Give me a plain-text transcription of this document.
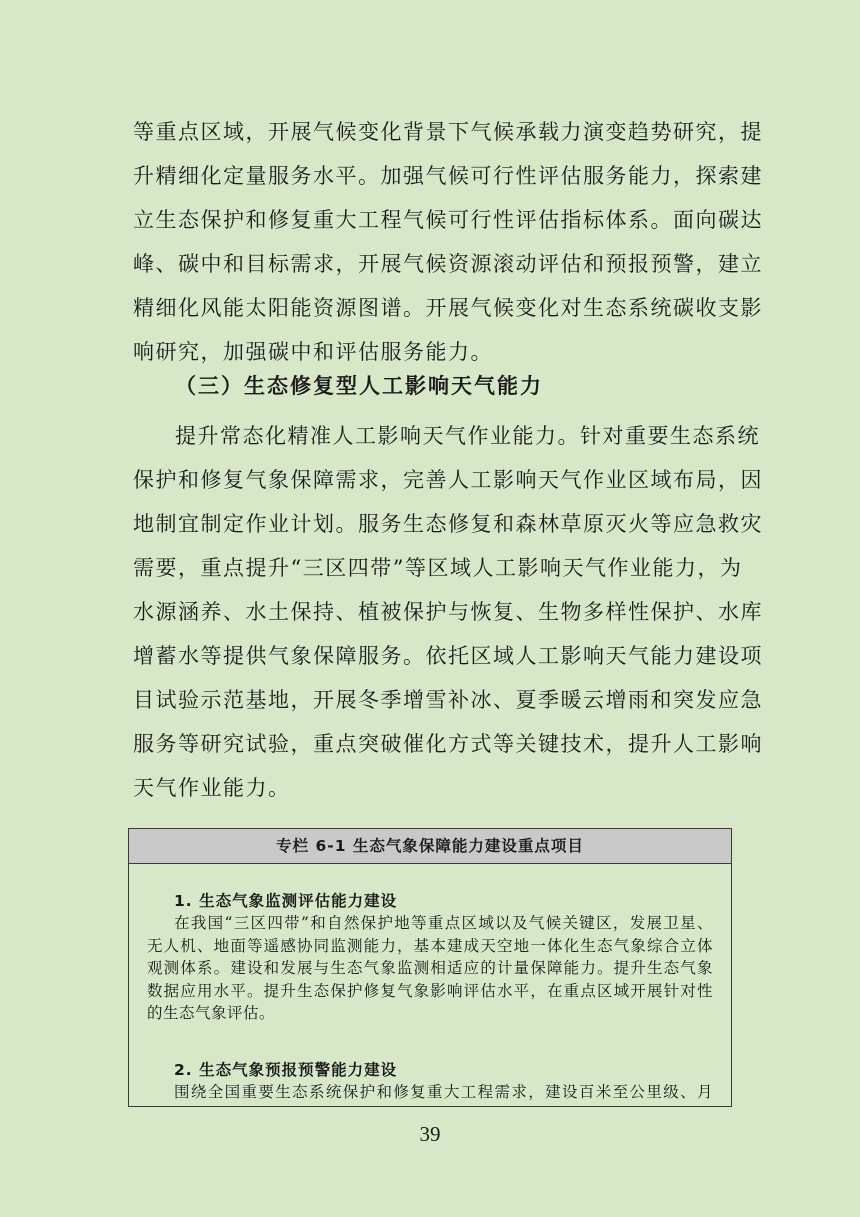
等重点区域，开展气候变化背景下气候承载力演变趋势研究，提
升精细化定量服务水平。加强气候可行性评估服务能力，探索建
立生态保护和修复重大工程气候可行性评估指标体系。面向碳达
峰、碳中和目标需求，开展气候资源滚动评估和预报预警，建立
精细化风能太阳能资源图谱。开展气候变化对生态系统碳收支影
响研究，加强碳中和评估服务能力。
（三）生态修复型人工影响天气能力
提升常态化精准人工影响天气作业能力。针对重要生态系统
保护和修复气象保障需求，完善人工影响天气作业区域布局，因
地制宜制定作业计划。服务生态修复和森林草原灭火等应急救灾
需要，重点提升“三区四带”等区域人工影响天气作业能力，为
水源涵养、水土保持、植被保护与恢复、生物多样性保护、水库
增蓄水等提供气象保障服务。依托区域人工影响天气能力建设项
目试验示范基地，开展冬季增雪补冰、夏季暖云增雨和突发应急
服务等研究试验，重点突破催化方式等关键技术，提升人工影响
天气作业能力。
专栏 6-1 生态气象保障能力建设重点项目
1. 生态气象监测评估能力建设
在我国“三区四带”和自然保护地等重点区域以及气候关键区，发展卫星、
无人机、地面等遥感协同监测能力，基本建成天空地一体化生态气象综合立体
观测体系。建设和发展与生态气象监测相适应的计量保障能力。提升生态气象
数据应用水平。提升生态保护修复气象影响评估水平，在重点区域开展针对性
的生态气象评估。
2. 生态气象预报预警能力建设
围绕全国重要生态系统保护和修复重大工程需求，建设百米至公里级、月
39
